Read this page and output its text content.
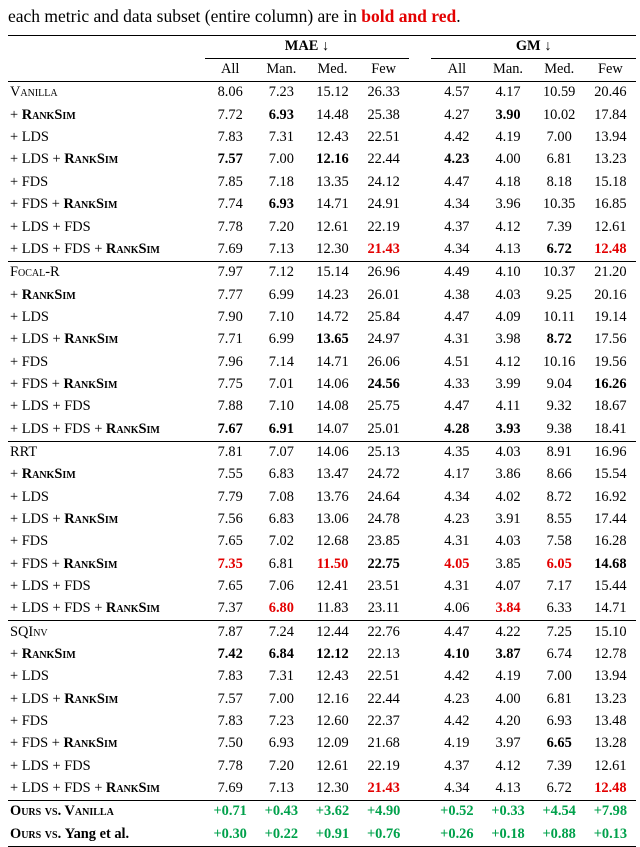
each metric and data subset (entire column) are in bold and red.

	MAE ↓					GM ↓			
	All	Man.	Med.	Few		All	Man.	Med.	Few
Vanilla	8.06	7.23	15.12	26.33		4.57	4.17	10.59	20.46
+ RankSim	7.72	6.93	14.48	25.38		4.27	3.90	10.02	17.84
+ LDS	7.83	7.31	12.43	22.51		4.42	4.19	7.00	13.94
+ LDS + RankSim	7.57	7.00	12.16	22.44		4.23	4.00	6.81	13.23
+ FDS	7.85	7.18	13.35	24.12		4.47	4.18	8.18	15.18
+ FDS + RankSim	7.74	6.93	14.71	24.91		4.34	3.96	10.35	16.85
+ LDS + FDS	7.78	7.20	12.61	22.19		4.37	4.12	7.39	12.61
+ LDS + FDS + RankSim	7.69	7.13	12.30	21.43		4.34	4.13	6.72	12.48
Focal-R	7.97	7.12	15.14	26.96		4.49	4.10	10.37	21.20
+ RankSim	7.77	6.99	14.23	26.01		4.38	4.03	9.25	20.16
+ LDS	7.90	7.10	14.72	25.84		4.47	4.09	10.11	19.14
+ LDS + RankSim	7.71	6.99	13.65	24.97		4.31	3.98	8.72	17.56
+ FDS	7.96	7.14	14.71	26.06		4.51	4.12	10.16	19.56
+ FDS + RankSim	7.75	7.01	14.06	24.56		4.33	3.99	9.04	16.26
+ LDS + FDS	7.88	7.10	14.08	25.75		4.47	4.11	9.32	18.67
+ LDS + FDS + RankSim	7.67	6.91	14.07	25.01		4.28	3.93	9.38	18.41
RRT	7.81	7.07	14.06	25.13		4.35	4.03	8.91	16.96
+ RankSim	7.55	6.83	13.47	24.72		4.17	3.86	8.66	15.54
+ LDS	7.79	7.08	13.76	24.64		4.34	4.02	8.72	16.92
+ LDS + RankSim	7.56	6.83	13.06	24.78		4.23	3.91	8.55	17.44
+ FDS	7.65	7.02	12.68	23.85		4.31	4.03	7.58	16.28
+ FDS + RankSim	7.35	6.81	11.50	22.75		4.05	3.85	6.05	14.68
+ LDS + FDS	7.65	7.06	12.41	23.51		4.31	4.07	7.17	15.44
+ LDS + FDS + RankSim	7.37	6.80	11.83	23.11		4.06	3.84	6.33	14.71
SQInv	7.87	7.24	12.44	22.76		4.47	4.22	7.25	15.10
+ RankSim	7.42	6.84	12.12	22.13		4.10	3.87	6.74	12.78
+ LDS	7.83	7.31	12.43	22.51		4.42	4.19	7.00	13.94
+ LDS + RankSim	7.57	7.00	12.16	22.44		4.23	4.00	6.81	13.23
+ FDS	7.83	7.23	12.60	22.37		4.42	4.20	6.93	13.48
+ FDS + RankSim	7.50	6.93	12.09	21.68		4.19	3.97	6.65	13.28
+ LDS + FDS	7.78	7.20	12.61	22.19		4.37	4.12	7.39	12.61
+ LDS + FDS + RankSim	7.69	7.13	12.30	21.43		4.34	4.13	6.72	12.48
Ours vs. Vanilla	+0.71	+0.43	+3.62	+4.90		+0.52	+0.33	+4.54	+7.98
Ours vs. Yang et al.	+0.30	+0.22	+0.91	+0.76		+0.26	+0.18	+0.88	+0.13
